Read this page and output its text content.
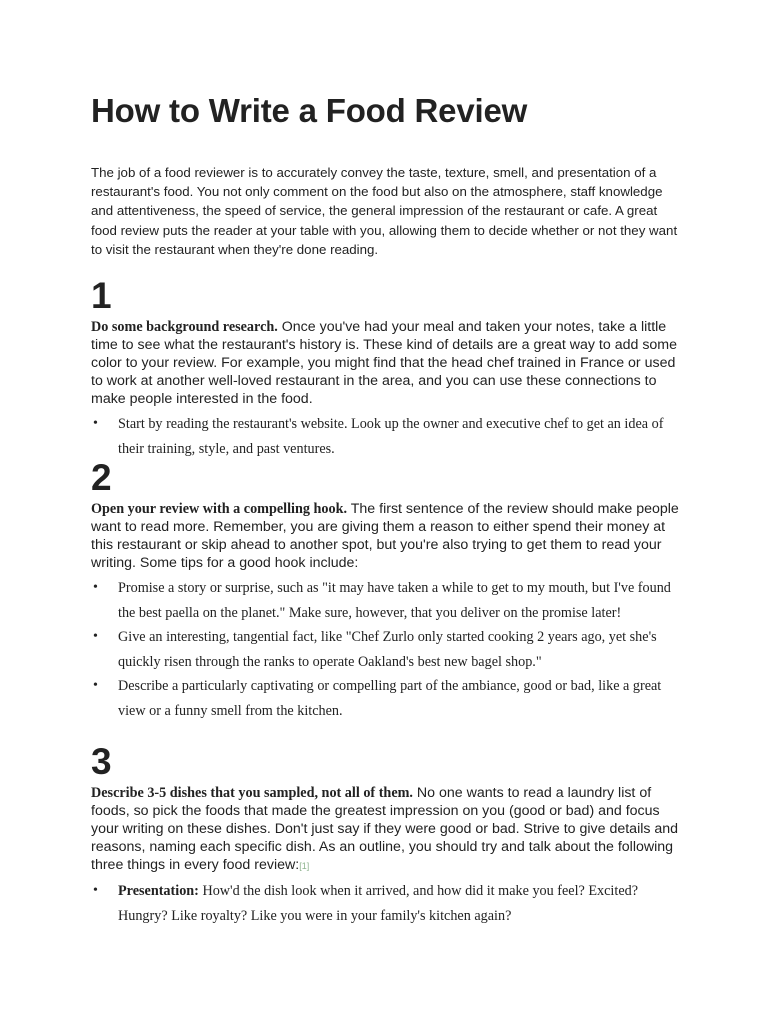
How to Write a Food Review

The job of a food reviewer is to accurately convey the taste, texture, smell, and presentation of a restaurant's food. You not only comment on the food but also on the atmosphere, staff knowledge and attentiveness, the speed of service, the general impression of the restaurant or cafe. A great food review puts the reader at your table with you, allowing them to decide whether or not they want to visit the restaurant when they're done reading.

1

Do some background research. Once you've had your meal and taken your notes, take a little time to see what the restaurant's history is. These kind of details are a great way to add some color to your review. For example, you might find that the head chef trained in France or used to work at another well-loved restaurant in the area, and you can use these connections to make people interested in the food.

• Start by reading the restaurant's website. Look up the owner and executive chef to get an idea of their training, style, and past ventures.
2

Open your review with a compelling hook. The first sentence of the review should make people want to read more. Remember, you are giving them a reason to either spend their money at this restaurant or skip ahead to another spot, but you're also trying to get them to read your writing. Some tips for a good hook include:

• Promise a story or surprise, such as "it may have taken a while to get to my mouth, but I've found the best paella on the planet." Make sure, however, that you deliver on the promise later!
• Give an interesting, tangential fact, like "Chef Zurlo only started cooking 2 years ago, yet she's quickly risen through the ranks to operate Oakland's best new bagel shop."
• Describe a particularly captivating or compelling part of the ambiance, good or bad, like a great view or a funny smell from the kitchen.
3

Describe 3-5 dishes that you sampled, not all of them. No one wants to read a laundry list of foods, so pick the foods that made the greatest impression on you (good or bad) and focus your writing on these dishes. Don't just say if they were good or bad. Strive to give details and reasons, naming each specific dish. As an outline, you should try and talk about the following three things in every food review:[1]

• Presentation: How'd the dish look when it arrived, and how did it make you feel? Excited? Hungry? Like royalty? Like you were in your family's kitchen again?
